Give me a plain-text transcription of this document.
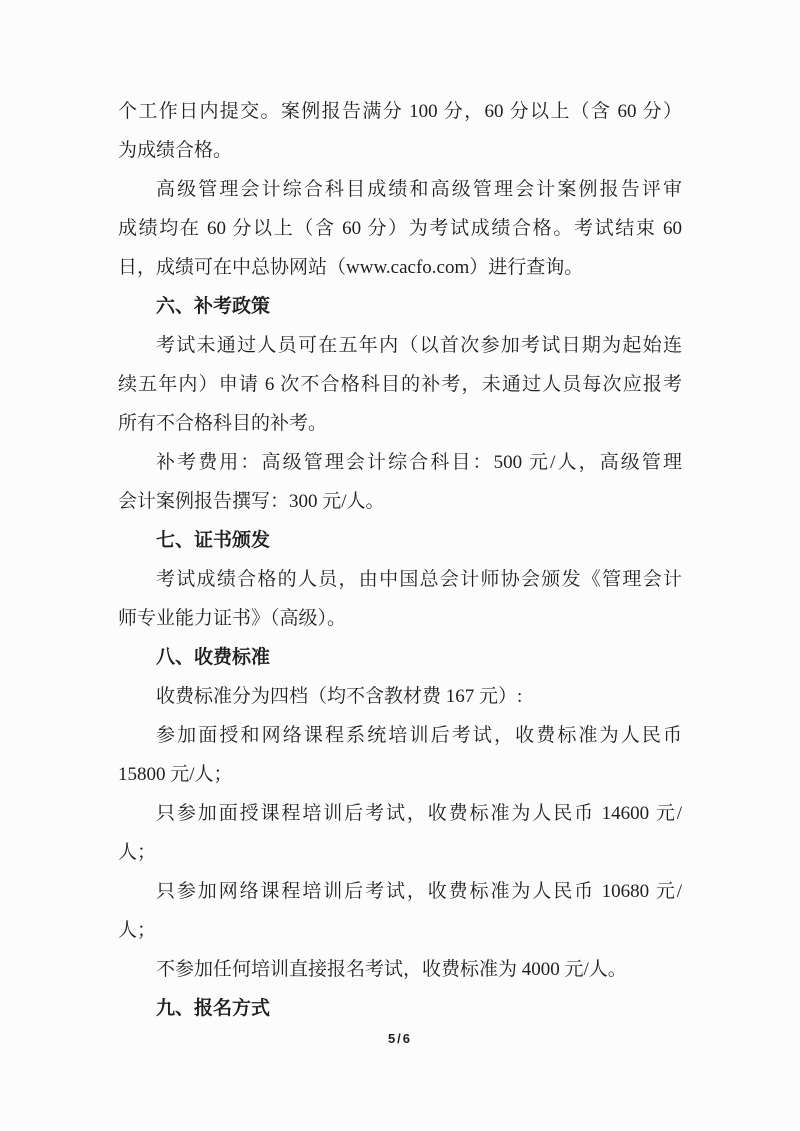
个工作日内提交。案例报告满分 100 分，60 分以上（含 60 分）
为成绩合格。
高级管理会计综合科目成绩和高级管理会计案例报告评审
成绩均在 60 分以上（含 60 分）为考试成绩合格。考试结束 60
日，成绩可在中总协网站（www.cacfo.com）进行查询。
六、补考政策
考试未通过人员可在五年内（以首次参加考试日期为起始连
续五年内）申请 6 次不合格科目的补考，未通过人员每次应报考
所有不合格科目的补考。
补考费用：高级管理会计综合科目：500 元/人，高级管理
会计案例报告撰写：300 元/人。
七、证书颁发
考试成绩合格的人员，由中国总会计师协会颁发《管理会计
师专业能力证书》（高级）。
八、收费标准
收费标准分为四档（均不含教材费 167 元）:
参加面授和网络课程系统培训后考试，收费标准为人民币
15800 元/人；
只参加面授课程培训后考试，收费标准为人民币 14600 元/
人；
只参加网络课程培训后考试，收费标准为人民币 10680 元/
人；
不参加任何培训直接报名考试，收费标准为 4000 元/人。
九、报名方式
5/6
